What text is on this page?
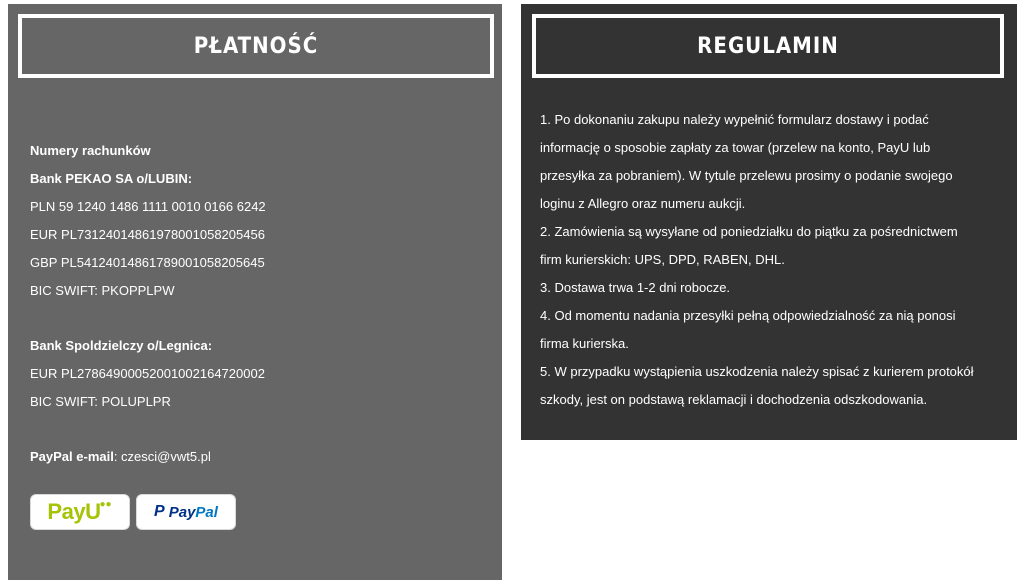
PŁATNOŚĆ
Numery rachunków
Bank PEKAO SA o/LUBIN:
PLN 59 1240 1486 1111 0010 0166 6242
EUR PL73124014861978001058205456
GBP PL54124014861789001058205645
BIC SWIFT: PKOPPLPW
Bank Spoldzielczy o/Legnica:
EUR PL27864900052001002164720002
BIC SWIFT: POLUPLPR
PayPal e-mail: czesci@vwt5.pl
PayU ●●	P PayPal
REGULAMIN
1. Po dokonaniu zakupu należy wypełnić formularz dostawy i podać
informację o sposobie zapłaty za towar (przelew na konto, PayU lub
przesyłka za pobraniem). W tytule przelewu prosimy o podanie swojego
loginu z Allegro oraz numeru aukcji.
2. Zamówienia są wysyłane od poniedziałku do piątku za pośrednictwem
firm kurierskich: UPS, DPD, RABEN, DHL.
3. Dostawa trwa 1-2 dni robocze.
4. Od momentu nadania przesyłki pełną odpowiedzialność za nią ponosi
firma kurierska.
5. W przypadku wystąpienia uszkodzenia należy spisać z kurierem protokół
szkody, jest on podstawą reklamacji i dochodzenia odszkodowania.
